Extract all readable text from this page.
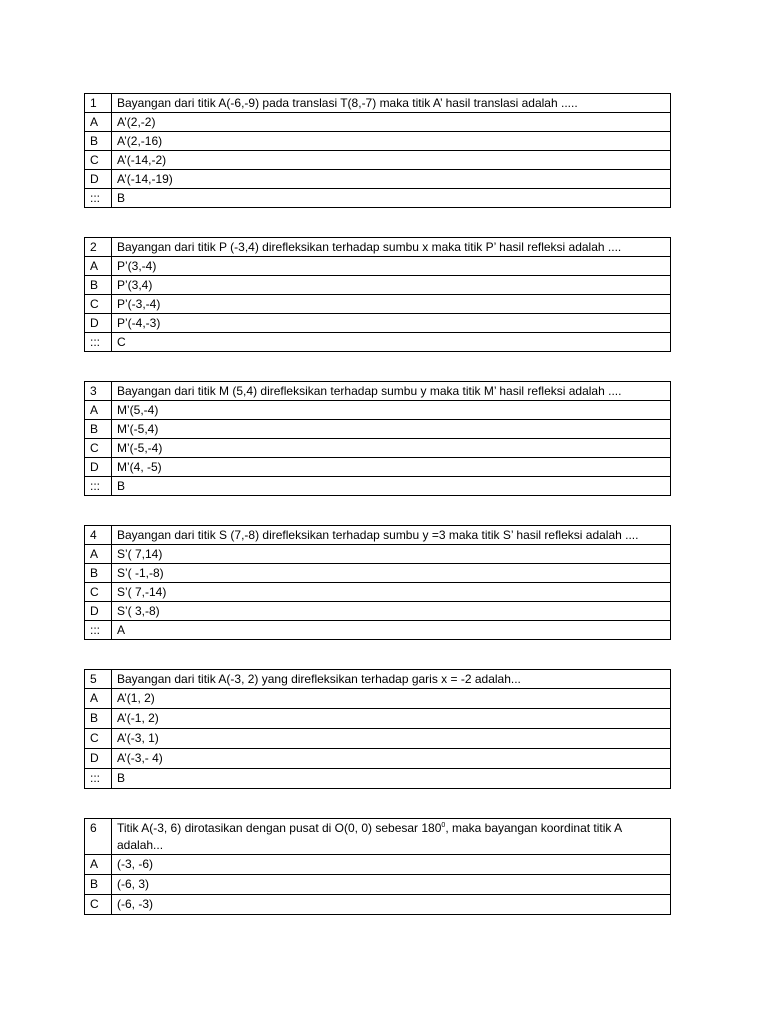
1	Bayangan dari titik A(-6,-9) pada translasi T(8,-7) maka titik A’ hasil translasi adalah .....
A	A’(2,-2)
B	A’(2,-16)
C	A’(-14,-2)
D	A’(-14,-19)
:::	B
2	Bayangan dari titik P (-3,4) direfleksikan terhadap sumbu x maka titik P’ hasil refleksi adalah ....
A	P’(3,-4)
B	P’(3,4)
C	P’(-3,-4)
D	P’(-4,-3)
:::	C
3	Bayangan dari titik M (5,4) direfleksikan terhadap sumbu y maka titik M’ hasil refleksi adalah ....
A	M’(5,-4)
B	M’(-5,4)
C	M’(-5,-4)
D	M’(4, -5)
:::	B
4	Bayangan dari titik S (7,-8) direfleksikan terhadap sumbu y =3 maka titik S’ hasil refleksi adalah ....
A	S’( 7,14)
B	S’( -1,-8)
C	S’( 7,-14)
D	S’( 3,-8)
:::	A
5	Bayangan dari titik A(-3, 2) yang direfleksikan terhadap garis x = -2 adalah...
A	A’(1, 2)
B	A’(-1, 2)
C	A’(-3, 1)
D	A’(-3,- 4)
:::	B
6	Titik A(-3, 6) dirotasikan dengan pusat di O(0, 0) sebesar $180^0$, maka bayangan koordinat titik A adalah...
A	(-3, -6)
B	(-6, 3)
C	(-6, -3)
